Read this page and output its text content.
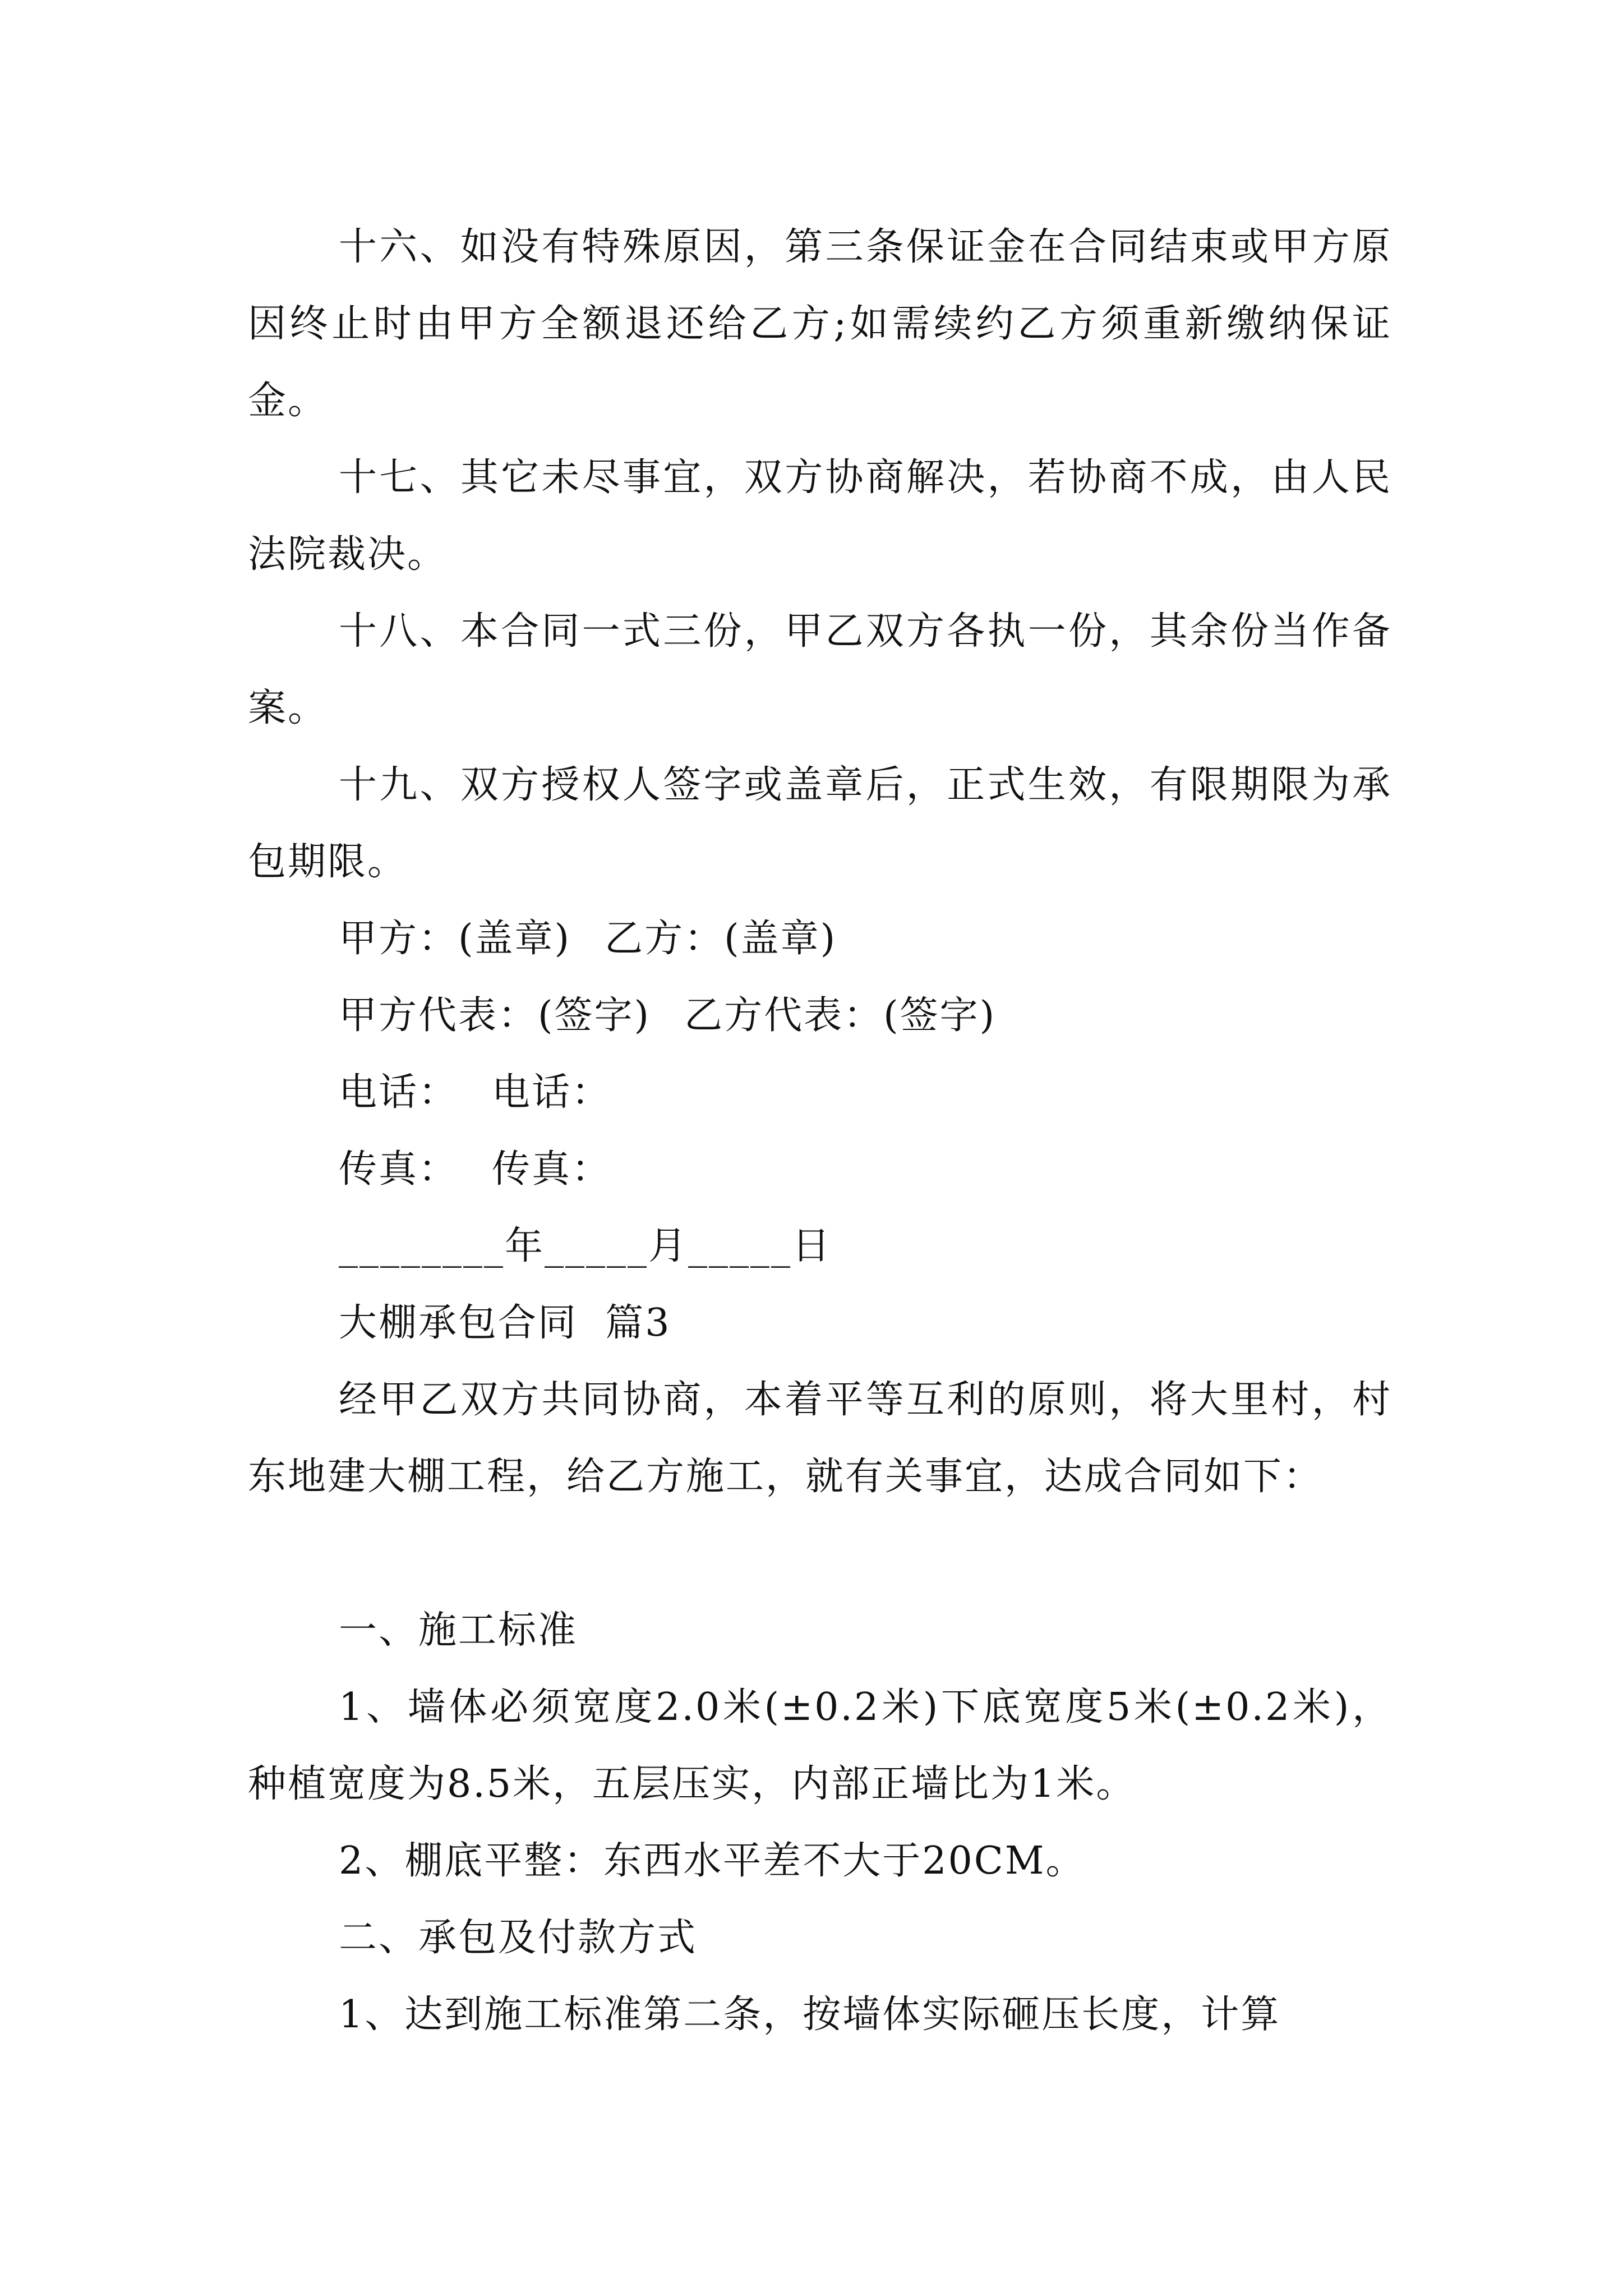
十六、如没有特殊原因，第三条保证金在合同结束或甲方原因终止时由甲方全额退还给乙方;如需续约乙方须重新缴纳保证金。

十七、其它未尽事宜，双方协商解决，若协商不成，由人民法院裁决。

十八、本合同一式三份，甲乙双方各执一份，其余份当作备案。

十九、双方授权人签字或盖章后，正式生效，有限期限为承包期限。

甲方：(盖章) 乙方：(盖章)

甲方代表：(签字) 乙方代表：(签字)

电话： 电话：

传真： 传真：

________年_____月_____日

大棚承包合同  篇3

经甲乙双方共同协商，本着平等互利的原则，将大里村，村东地建大棚工程，给乙方施工，就有关事宜，达成合同如下：

一、施工标准

1、墙体必须宽度2.0米(±0.2米)下底宽度5米(±0.2米)，种植宽度为8.5米，五层压实，内部正墙比为1米。

2、棚底平整：东西水平差不大于20CM。

二、承包及付款方式

1、达到施工标准第二条，按墙体实际砸压长度，计算
